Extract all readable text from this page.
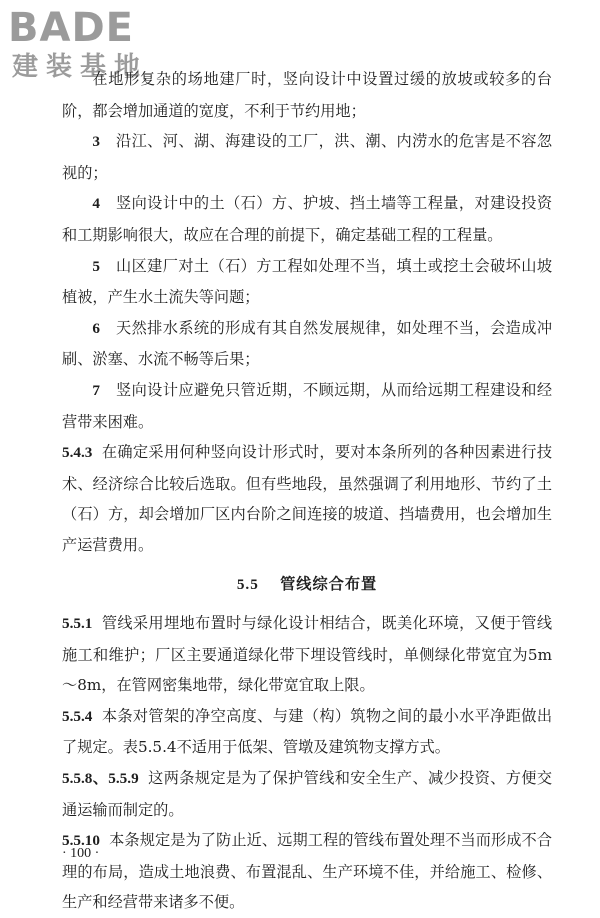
BADE
建装基地

在地形复杂的场地建厂时，竖向设计中设置过缓的放坡或较多的台阶，都会增加通道的宽度，不利于节约用地；

3　 沿江、河、湖、海建设的工厂，洪、潮、内涝水的危害是不容忽视的；

4　 竖向设计中的土（石）方、护坡、挡土墙等工程量，对建设投资和工期影响很大，故应在合理的前提下，确定基础工程的工程量。

5　 山区建厂对土（石）方工程如处理不当，填土或挖土会破坏山坡植被，产生水土流失等问题；

6　 天然排水系统的形成有其自然发展规律，如处理不当，会造成冲刷、淤塞、水流不畅等后果；

7　 竖向设计应避免只管近期，不顾远期，从而给远期工程建设和经营带来困难。

5.4.3 在确定采用何种竖向设计形式时，要对本条所列的各种因素进行技术、经济综合比较后选取。但有些地段，虽然强调了利用地形、节约了土（石）方，却会增加厂区内台阶之间连接的坡道、挡墙费用，也会增加生产运营费用。

5.5 管线综合布置

5.5.1 管线采用埋地布置时与绿化设计相结合，既美化环境，又便于管线施工和维护；厂区主要通道绿化带下埋设管线时，单侧绿化带宽宜为5m～8m，在管网密集地带，绿化带宽宜取上限。

5.5.4 本条对管架的净空高度、与建（构）筑物之间的最小水平净距做出了规定。表5.5.4不适用于低架、管墩及建筑物支撑方式。

5.5.8、5.5.9 这两条规定是为了保护管线和安全生产、减少投资、方便交通运输而制定的。

5.5.10 本条规定是为了防止近、远期工程的管线布置处理不当而形成不合理的布局，造成土地浪费、布置混乱、生产环境不佳，并给施工、检修、生产和经营带来诸多不便。

· 100 ·
